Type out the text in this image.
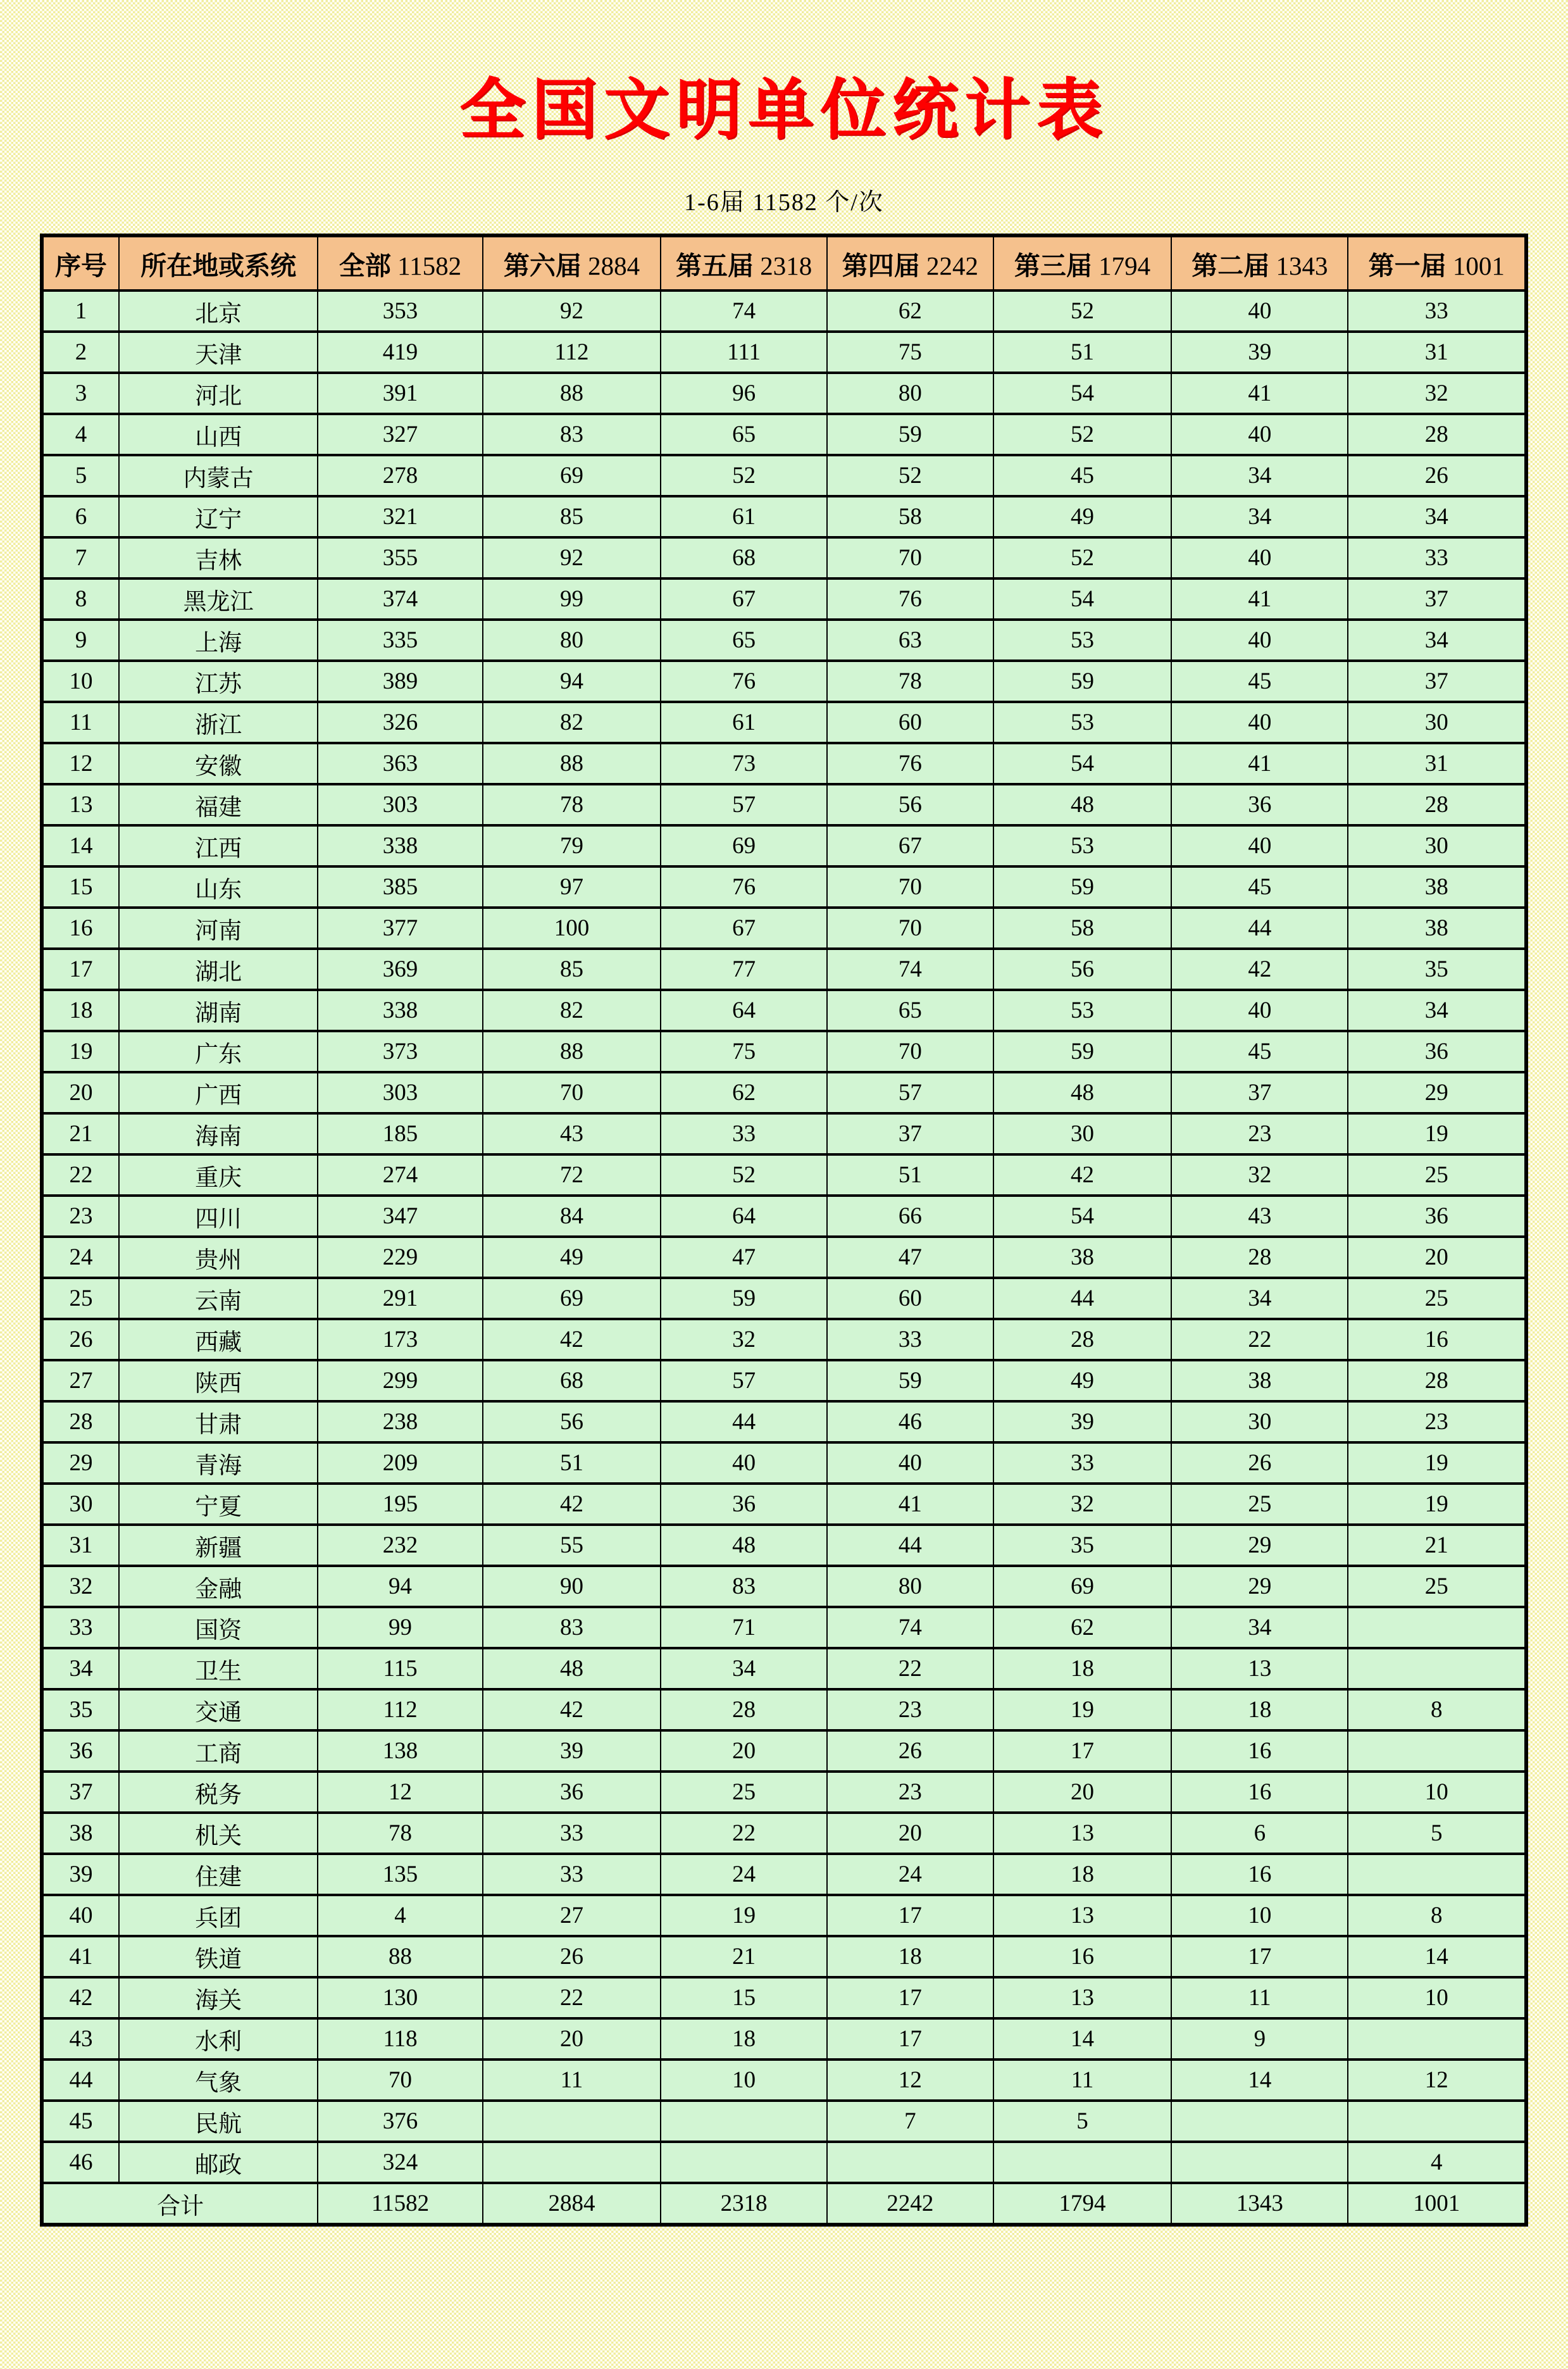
全国文明单位统计表
1-6届 11582 个/次
序号	所在地或系统	全部 11582	第六届 2884	第五届 2318	第四届 2242	第三届 1794	第二届 1343	第一届 1001
1	北京	353	92	74	62	52	40	33
2	天津	419	112	111	75	51	39	31
3	河北	391	88	96	80	54	41	32
4	山西	327	83	65	59	52	40	28
5	内蒙古	278	69	52	52	45	34	26
6	辽宁	321	85	61	58	49	34	34
7	吉林	355	92	68	70	52	40	33
8	黑龙江	374	99	67	76	54	41	37
9	上海	335	80	65	63	53	40	34
10	江苏	389	94	76	78	59	45	37
11	浙江	326	82	61	60	53	40	30
12	安徽	363	88	73	76	54	41	31
13	福建	303	78	57	56	48	36	28
14	江西	338	79	69	67	53	40	30
15	山东	385	97	76	70	59	45	38
16	河南	377	100	67	70	58	44	38
17	湖北	369	85	77	74	56	42	35
18	湖南	338	82	64	65	53	40	34
19	广东	373	88	75	70	59	45	36
20	广西	303	70	62	57	48	37	29
21	海南	185	43	33	37	30	23	19
22	重庆	274	72	52	51	42	32	25
23	四川	347	84	64	66	54	43	36
24	贵州	229	49	47	47	38	28	20
25	云南	291	69	59	60	44	34	25
26	西藏	173	42	32	33	28	22	16
27	陕西	299	68	57	59	49	38	28
28	甘肃	238	56	44	46	39	30	23
29	青海	209	51	40	40	33	26	19
30	宁夏	195	42	36	41	32	25	19
31	新疆	232	55	48	44	35	29	21
32	金融	94	90	83	80	69	29	25
33	国资	99	83	71	74	62	34	
34	卫生	115	48	34	22	18	13	
35	交通	112	42	28	23	19	18	8
36	工商	138	39	20	26	17	16	
37	税务	12	36	25	23	20	16	10
38	机关	78	33	22	20	13	6	5
39	住建	135	33	24	24	18	16	
40	兵团	4	27	19	17	13	10	8
41	铁道	88	26	21	18	16	17	14
42	海关	130	22	15	17	13	11	10
43	水利	118	20	18	17	14	9	
44	气象	70	11	10	12	11	14	12
45	民航	376			7	5		
46	邮政	324						4
合计		11582	2884	2318	2242	1794	1343	1001
